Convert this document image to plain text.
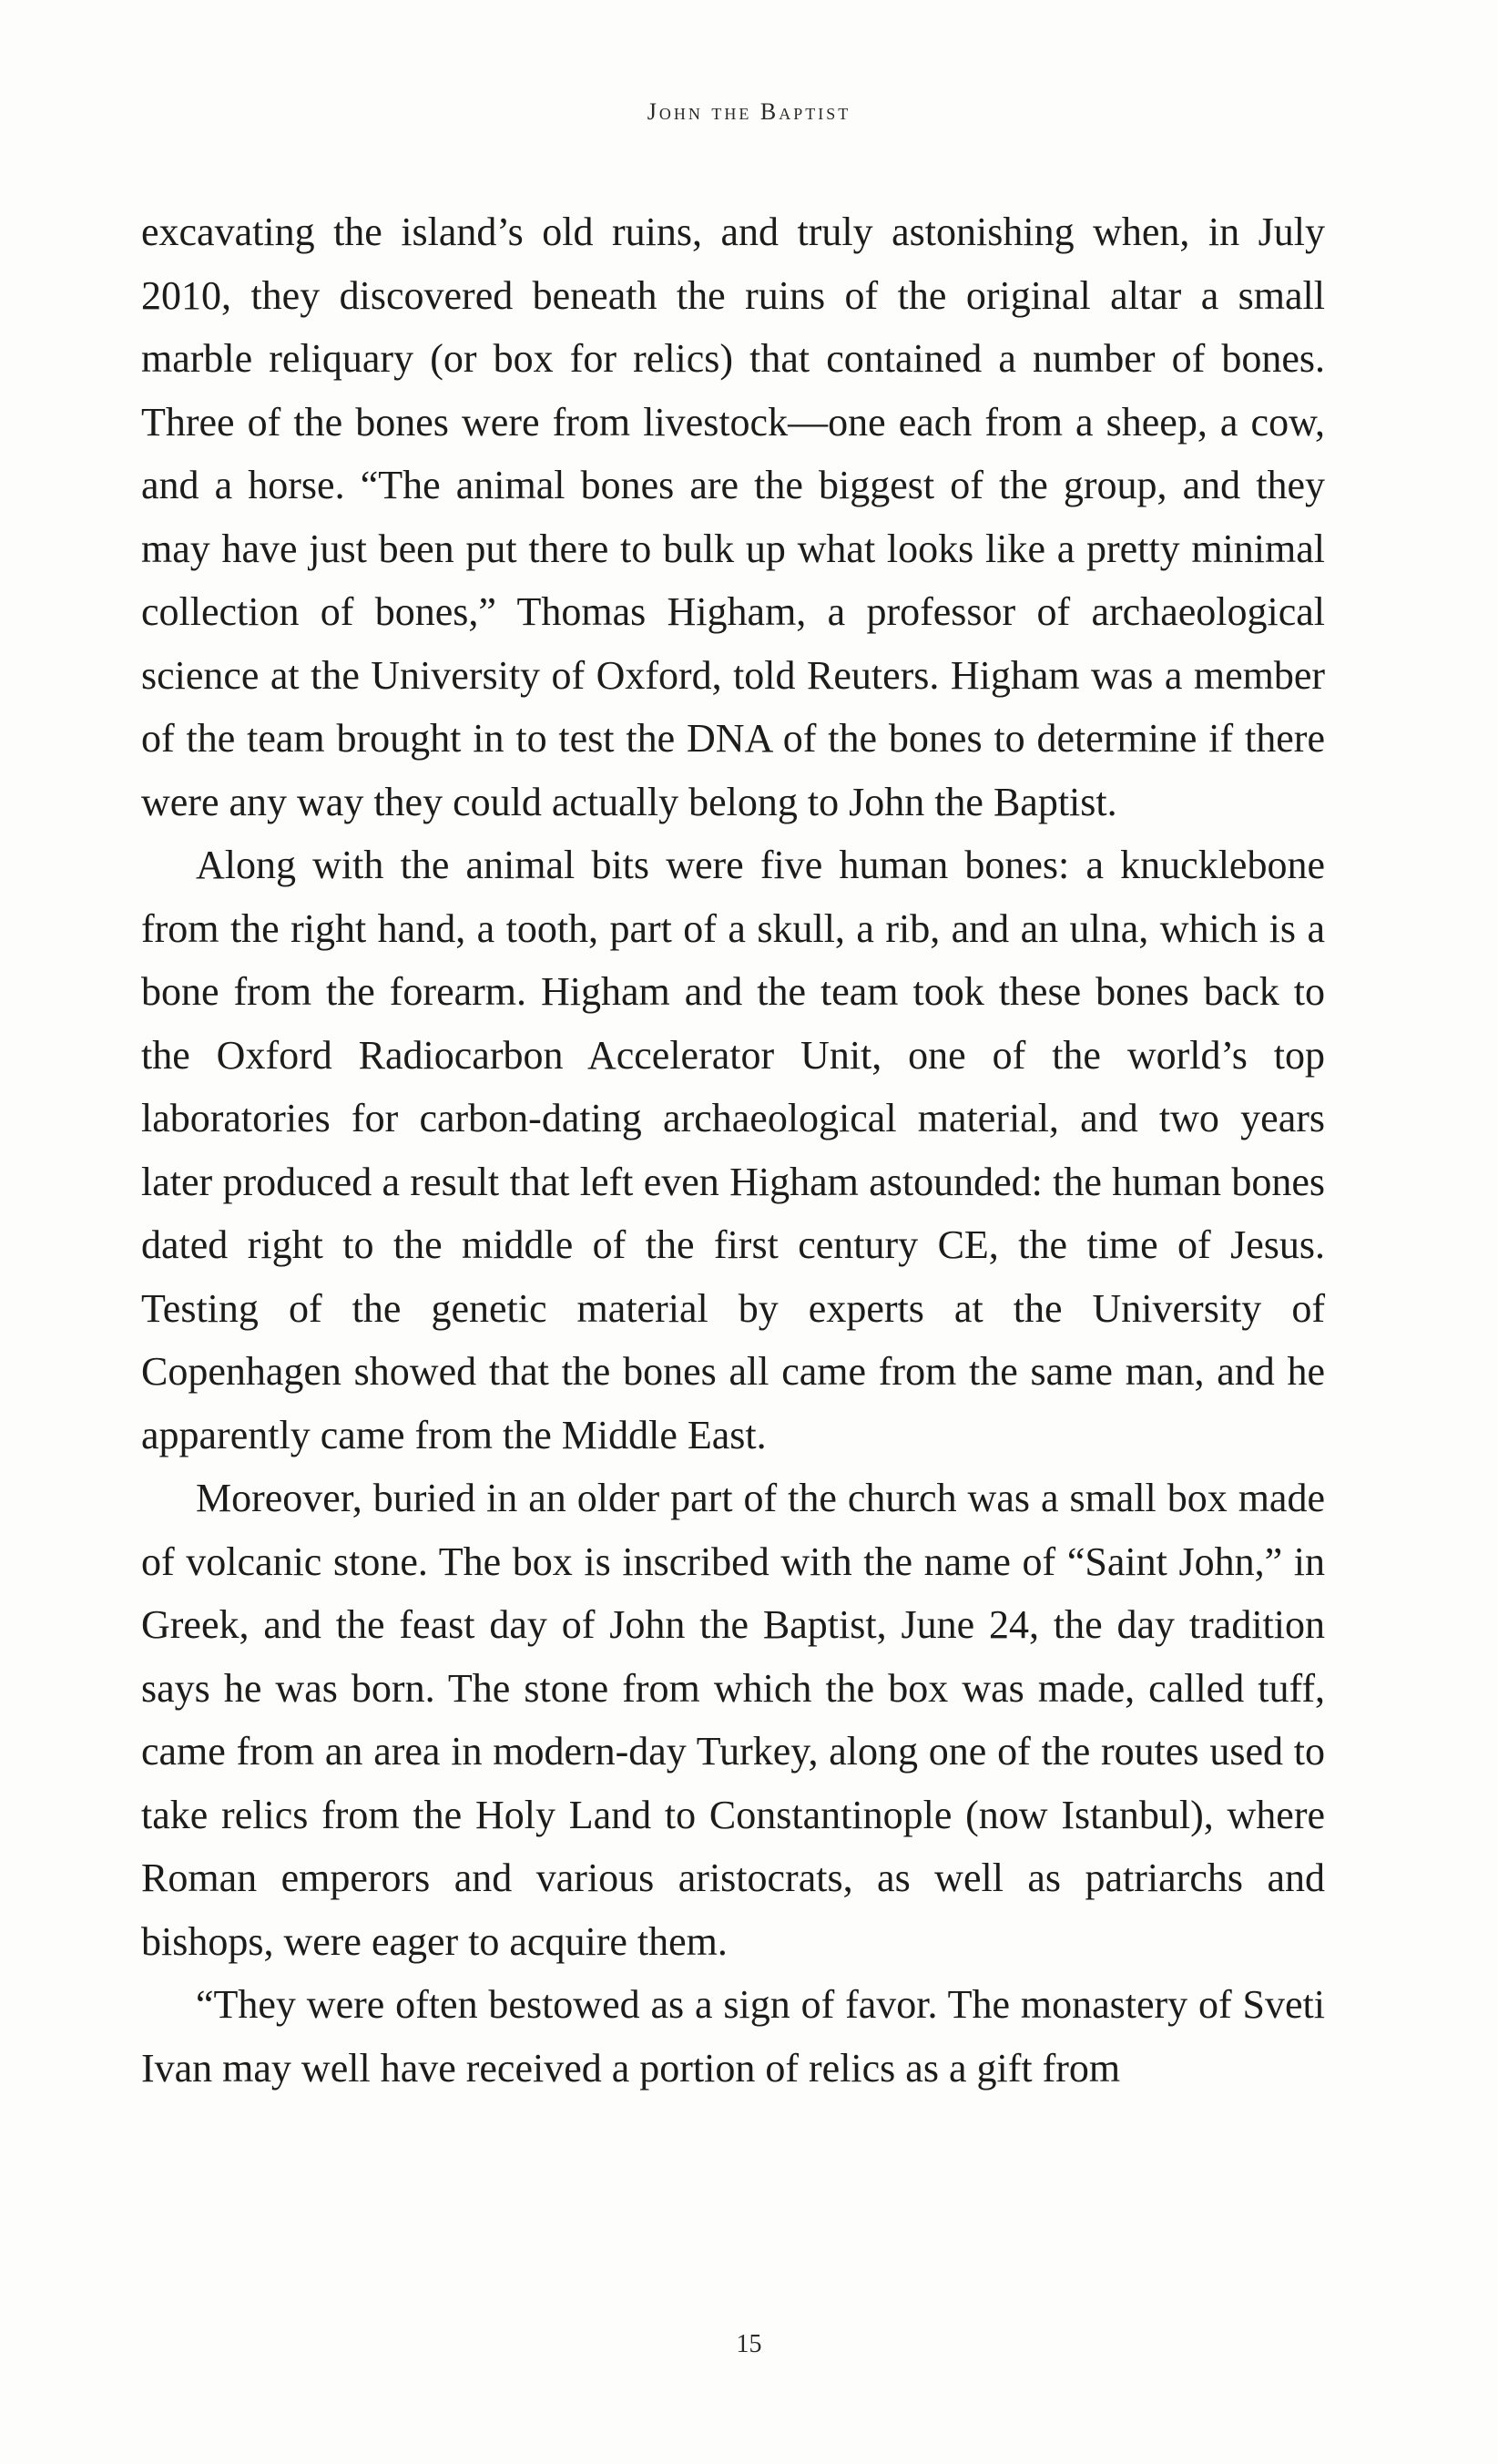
John the Baptist

excavating the island’s old ruins, and truly astonishing when, in July 2010, they discovered beneath the ruins of the original altar a small marble reliquary (or box for relics) that contained a number of bones. Three of the bones were from livestock—one each from a sheep, a cow, and a horse. “The animal bones are the biggest of the group, and they may have just been put there to bulk up what looks like a pretty minimal collection of bones,” Thomas Higham, a professor of archaeological science at the University of Oxford, told Reuters. Higham was a member of the team brought in to test the DNA of the bones to determine if there were any way they could actually belong to John the Baptist.

Along with the animal bits were five human bones: a knucklebone from the right hand, a tooth, part of a skull, a rib, and an ulna, which is a bone from the forearm. Higham and the team took these bones back to the Oxford Radiocarbon Accelerator Unit, one of the world’s top laboratories for carbon-dating archaeological material, and two years later produced a result that left even Higham astounded: the human bones dated right to the middle of the first century CE, the time of Jesus. Testing of the genetic material by experts at the University of Copenhagen showed that the bones all came from the same man, and he apparently came from the Middle East.

Moreover, buried in an older part of the church was a small box made of volcanic stone. The box is inscribed with the name of “Saint John,” in Greek, and the feast day of John the Baptist, June 24, the day tradition says he was born. The stone from which the box was made, called tuff, came from an area in modern-day Turkey, along one of the routes used to take relics from the Holy Land to Constantinople (now Istanbul), where Roman emperors and various aristocrats, as well as patriarchs and bishops, were eager to acquire them.

“They were often bestowed as a sign of favor. The monastery of Sveti Ivan may well have received a portion of relics as a gift from

15
